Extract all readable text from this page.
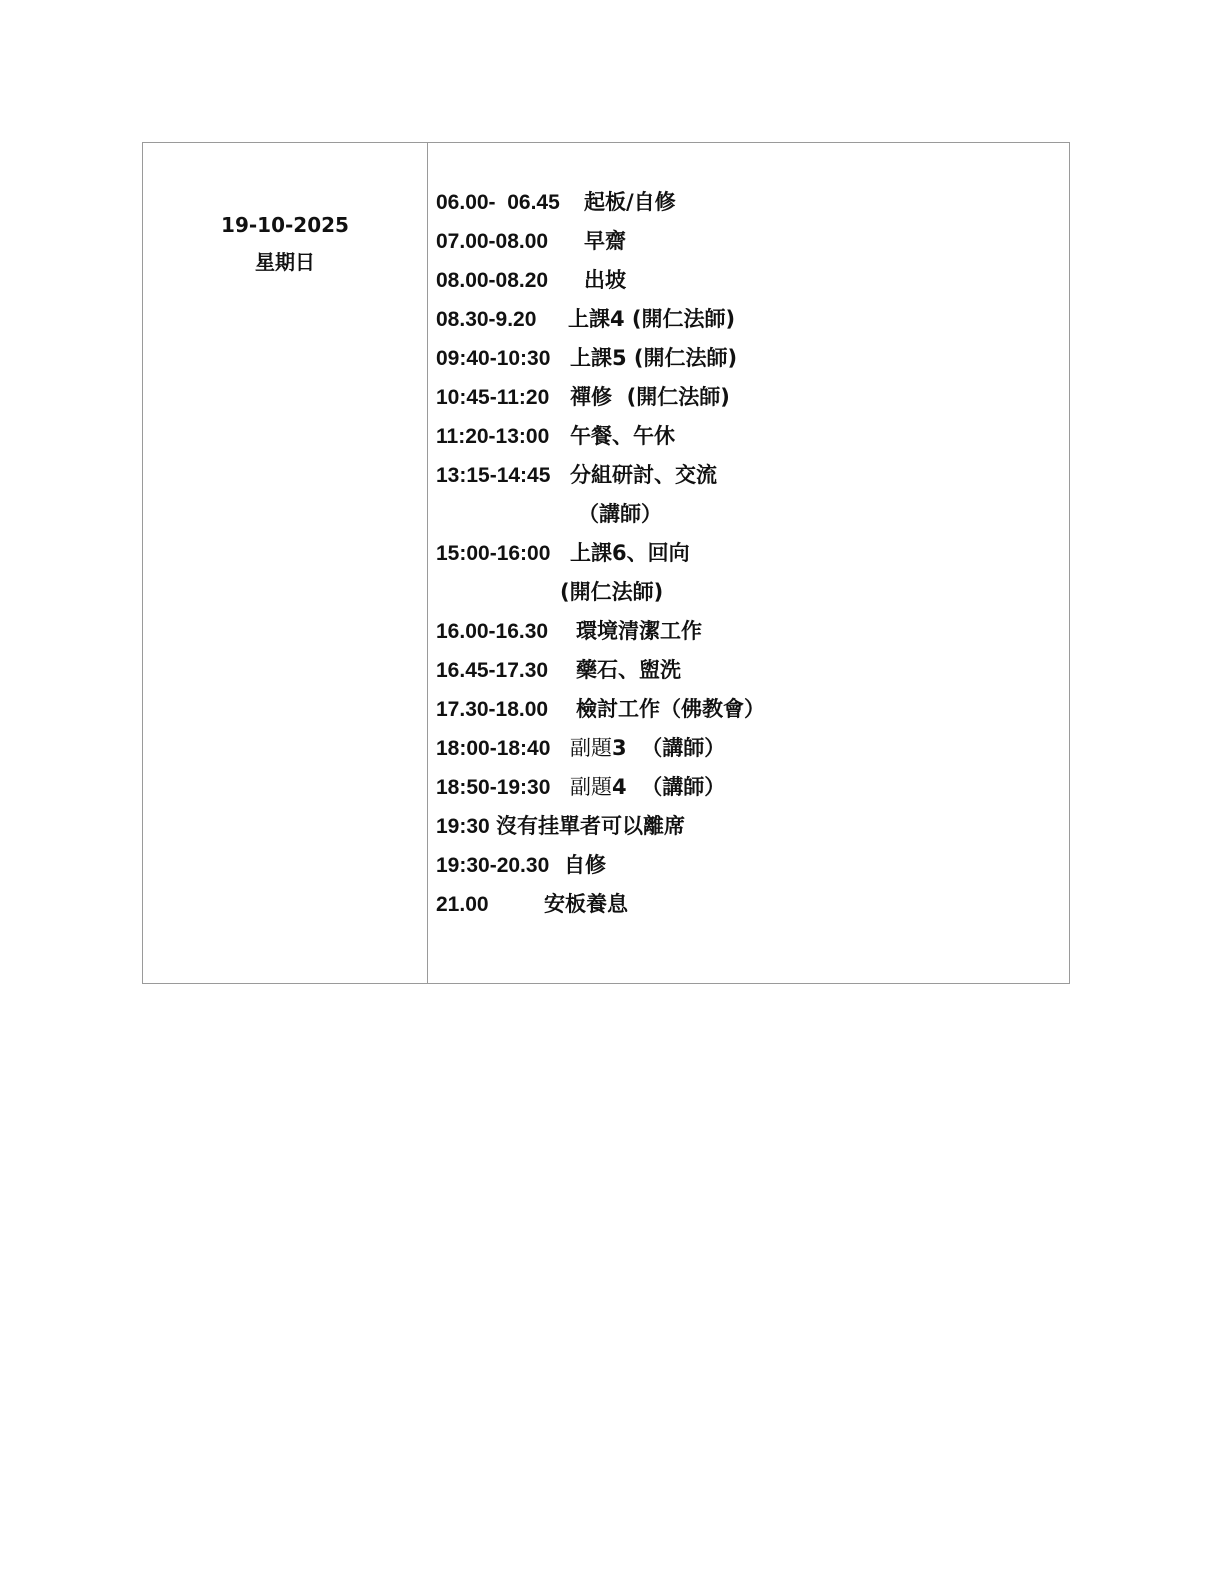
19-10-2025
星期日

06.00-  06.45 起板/自修
07.00-08.00 早齋
08.00-08.20 出坡
08.30-9.20 上課4 (開仁法師)
09:40-10:30 上課5 (開仁法師)
10:45-11:20 禪修  (開仁法師)
11:20-13:00 午餐、午休
13:15-14:45 分組研討、交流
（講師）
15:00-16:00 上課6、回向
(開仁法師)
16.00-16.30 環境清潔工作
16.45-17.30 藥石、盥洗
17.30-18.00 檢討工作（佛教會）
18:00-18:40 副題3  （講師）
18:50-19:30 副題4  （講師）
19:30 沒有挂單者可以離席
19:30-20.30 自修
21.00	安板養息
